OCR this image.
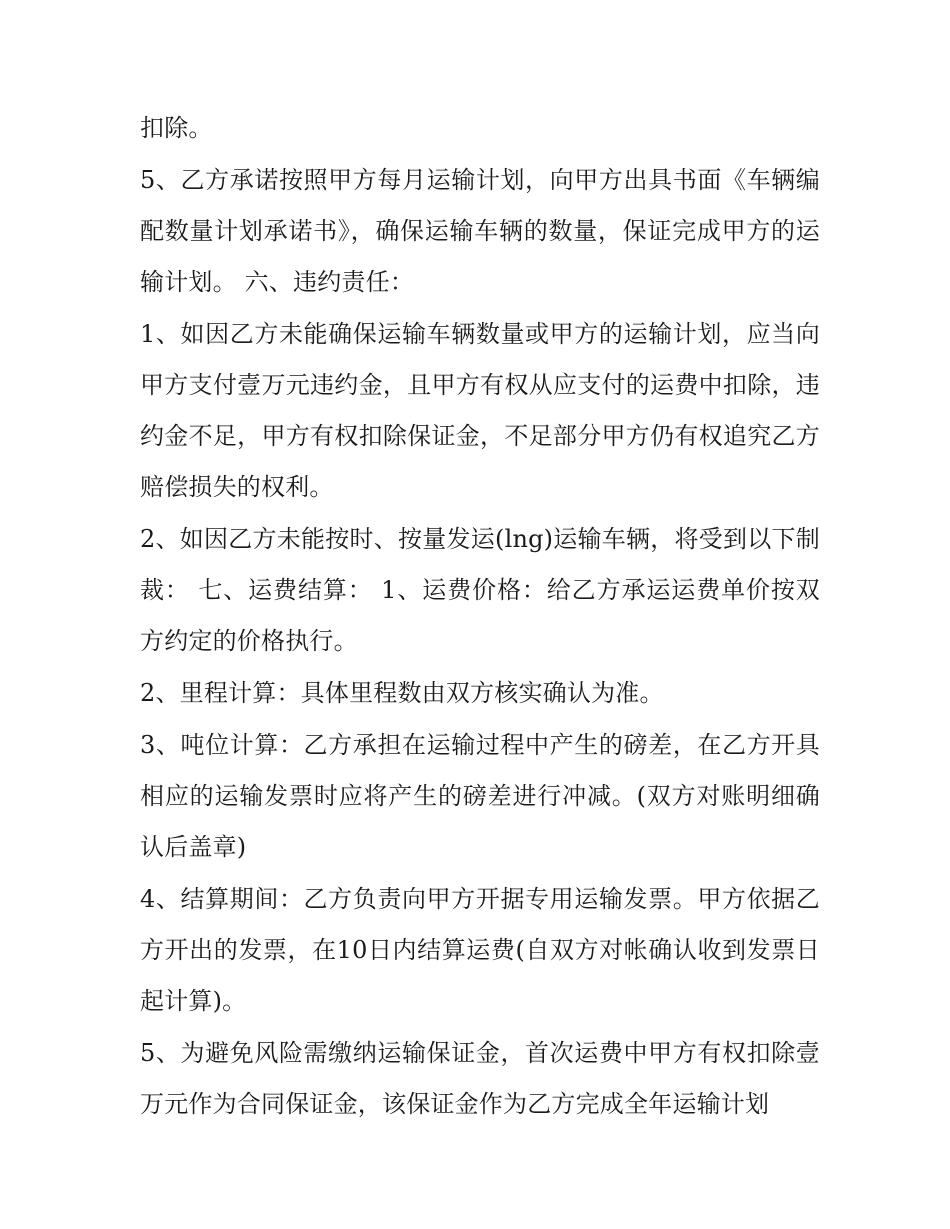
扣除。

5、乙方承诺按照甲方每月运输计划，向甲方出具书面《车辆编配数量计划承诺书》，确保运输车辆的数量，保证完成甲方的运输计划。 六、违约责任：

1、如因乙方未能确保运输车辆数量或甲方的运输计划，应当向甲方支付壹万元违约金，且甲方有权从应支付的运费中扣除，违约金不足，甲方有权扣除保证金，不足部分甲方仍有权追究乙方赔偿损失的权利。

2、如因乙方未能按时、按量发运(lng)运输车辆，将受到以下制裁： 七、运费结算： 1、运费价格：给乙方承运运费单价按双方约定的价格执行。

2、里程计算：具体里程数由双方核实确认为准。

3、吨位计算：乙方承担在运输过程中产生的磅差，在乙方开具相应的运输发票时应将产生的磅差进行冲减。(双方对账明细确认后盖章)

4、结算期间：乙方负责向甲方开据专用运输发票。甲方依据乙方开出的发票，在10日内结算运费(自双方对帐确认收到发票日起计算)。

5、为避免风险需缴纳运输保证金，首次运费中甲方有权扣除壹万元作为合同保证金，该保证金作为乙方完成全年运输计划
